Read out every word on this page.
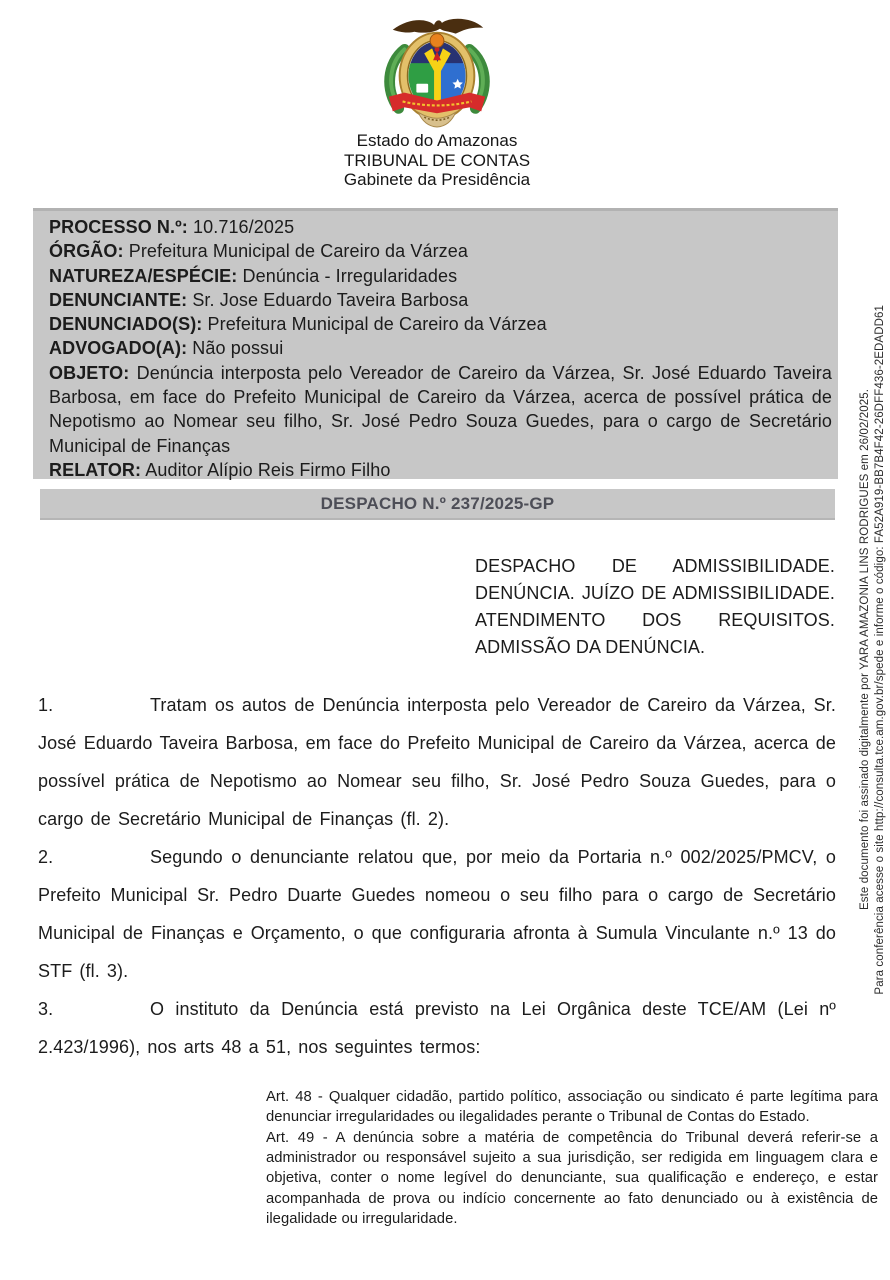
Estado do Amazonas
TRIBUNAL DE CONTAS
Gabinete da Presidência
PROCESSO N.º: 10.716/2025
ÓRGÃO: Prefeitura Municipal de Careiro da Várzea
NATUREZA/ESPÉCIE: Denúncia - Irregularidades
DENUNCIANTE: Sr. Jose Eduardo Taveira Barbosa
DENUNCIADO(S): Prefeitura Municipal de Careiro da Várzea
ADVOGADO(A): Não possui
OBJETO: Denúncia interposta pelo Vereador de Careiro da Várzea, Sr. José Eduardo Taveira Barbosa, em face do Prefeito Municipal de Careiro da Várzea, acerca de possível prática de Nepotismo ao Nomear seu filho, Sr. José Pedro Souza Guedes, para o cargo de Secretário Municipal de Finanças
RELATOR: Auditor Alípio Reis Firmo Filho
DESPACHO N.º 237/2025-GP
DESPACHO DE ADMISSIBILIDADE. DENÚNCIA. JUÍZO DE ADMISSIBILIDADE. ATENDIMENTO DOS REQUISITOS. ADMISSÃO DA DENÚNCIA.

1.	Tratam os autos de Denúncia interposta pelo Vereador de Careiro da Várzea, Sr. José Eduardo Taveira Barbosa, em face do Prefeito Municipal de Careiro da Várzea, acerca de possível prática de Nepotismo ao Nomear seu filho, Sr. José Pedro Souza Guedes, para o cargo de Secretário Municipal de Finanças (fl. 2).

2.	Segundo o denunciante relatou que, por meio da Portaria n.º 002/2025/PMCV, o Prefeito Municipal Sr. Pedro Duarte Guedes nomeou o seu filho para o cargo de Secretário Municipal de Finanças e Orçamento, o que configuraria afronta à Sumula Vinculante n.º 13 do STF (fl. 3).

3.	O instituto da Denúncia está previsto na Lei Orgânica deste TCE/AM (Lei nº 2.423/1996), nos arts 48 a 51, nos seguintes termos:

Art. 48 - Qualquer cidadão, partido político, associação ou sindicato é parte legítima para denunciar irregularidades ou ilegalidades perante o Tribunal de Contas do Estado.

Art. 49 - A denúncia sobre a matéria de competência do Tribunal deverá referir-se a administrador ou responsável sujeito a sua jurisdição, ser redigida em linguagem clara e objetiva, conter o nome legível do denunciante, sua qualificação e endereço, e estar acompanhada de prova ou indício concernente ao fato denunciado ou à existência de ilegalidade ou irregularidade.

Este documento foi assinado digitalmente por YARA AMAZONIA LINS RODRIGUES em 26/02/2025. Para conferência acesse o site http://consulta.tce.am.gov.br/spede e informe o código: FA52A919-BB7B4F42-26DFF436-2EDADD61
